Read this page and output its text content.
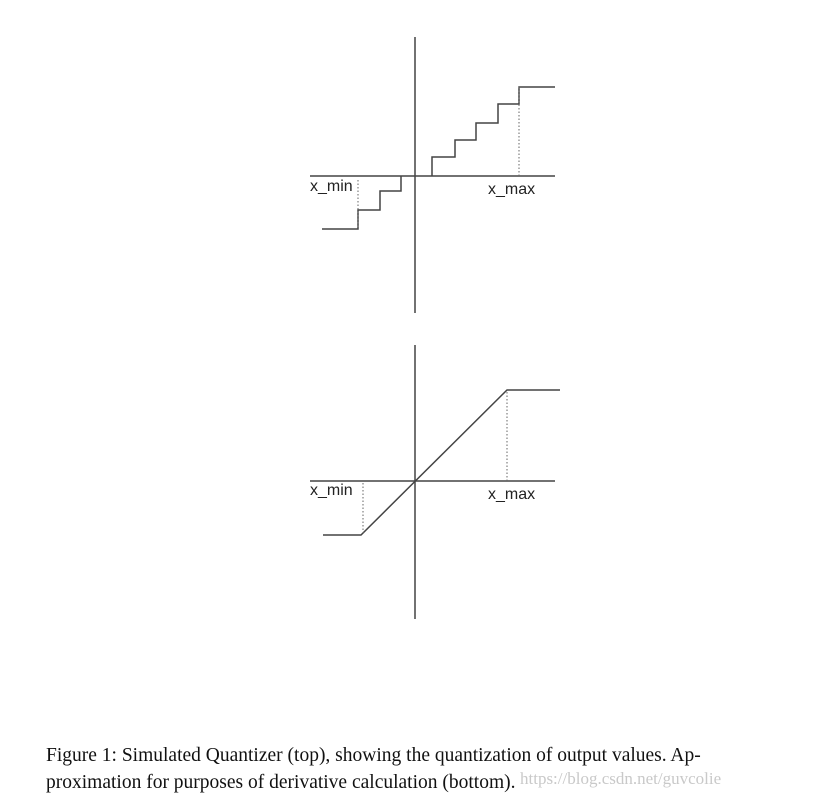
x_min	x_max
x_min	x_max

Figure 1: Simulated Quantizer (top), showing the quantization of output values. Ap-
proximation for purposes of derivative calculation (bottom). https://blog.csdn.net/guvcolie
